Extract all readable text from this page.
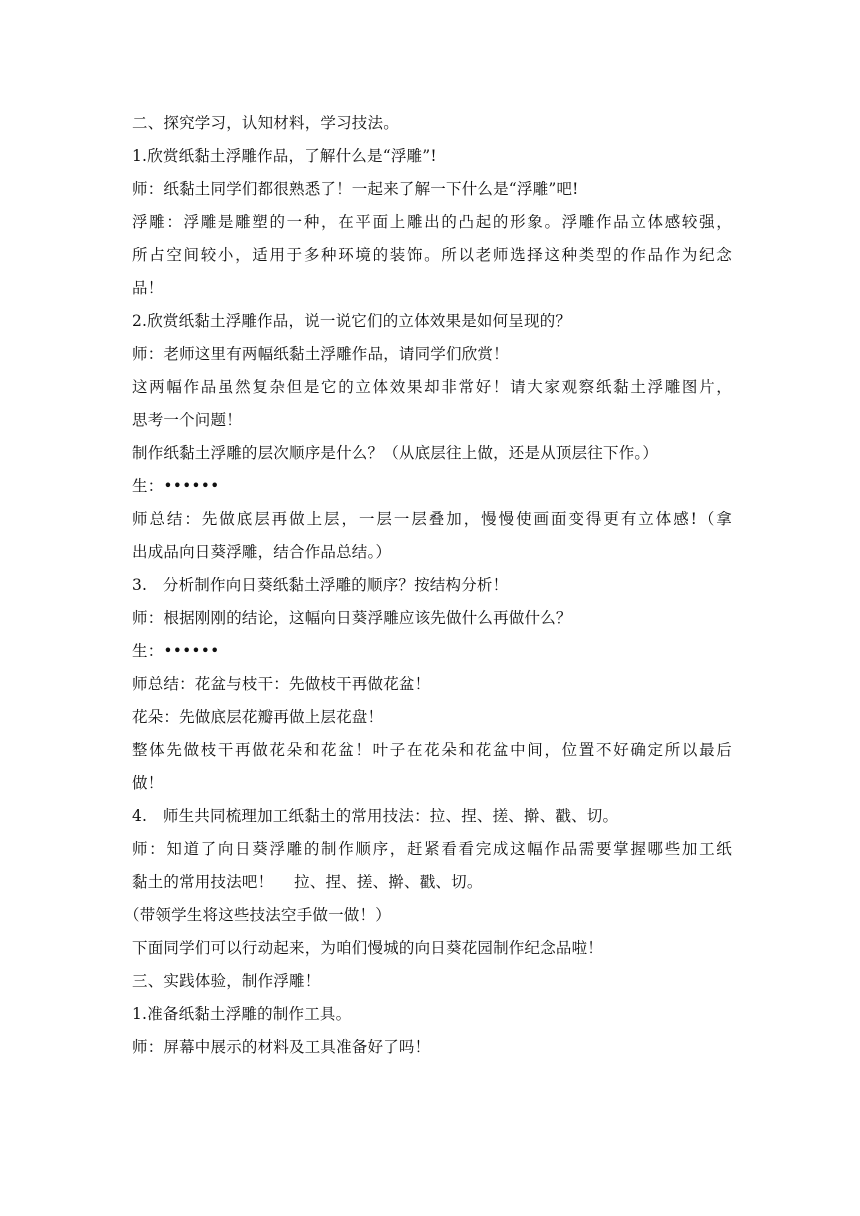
二、探究学习，认知材料，学习技法。
1.欣赏纸黏土浮雕作品，了解什么是“浮雕”!
师：纸黏土同学们都很熟悉了！一起来了解一下什么是“浮雕”吧!
浮雕：浮雕是雕塑的一种，在平面上雕出的凸起的形象。浮雕作品立体感较强，
所占空间较小，适用于多种环境的装饰。所以老师选择这种类型的作品作为纪念
品！
2.欣赏纸黏土浮雕作品，说一说它们的立体效果是如何呈现的？
师：老师这里有两幅纸黏土浮雕作品，请同学们欣赏！
这两幅作品虽然复杂但是它的立体效果却非常好！请大家观察纸黏土浮雕图片，
思考一个问题！
制作纸黏土浮雕的层次顺序是什么？（从底层往上做，还是从顶层往下作。）
生：••••••
师总结：先做底层再做上层，一层一层叠加，慢慢使画面变得更有立体感!（拿
出成品向日葵浮雕，结合作品总结。）
3.　分析制作向日葵纸黏土浮雕的顺序？按结构分析！
师：根据刚刚的结论，这幅向日葵浮雕应该先做什么再做什么？
生：••••••
师总结：花盆与枝干：先做枝干再做花盆！
花朵：先做底层花瓣再做上层花盘！
整体先做枝干再做花朵和花盆！叶子在花朵和花盆中间，位置不好确定所以最后
做！
4.　师生共同梳理加工纸黏土的常用技法：拉、捏、搓、擀、戳、切。
师：知道了向日葵浮雕的制作顺序，赶紧看看完成这幅作品需要掌握哪些加工纸
黏土的常用技法吧！　 拉、捏、搓、擀、戳、切。
（带领学生将这些技法空手做一做！）
下面同学们可以行动起来，为咱们慢城的向日葵花园制作纪念品啦！
三、实践体验，制作浮雕！
1.准备纸黏土浮雕的制作工具。
师：屏幕中展示的材料及工具准备好了吗！
